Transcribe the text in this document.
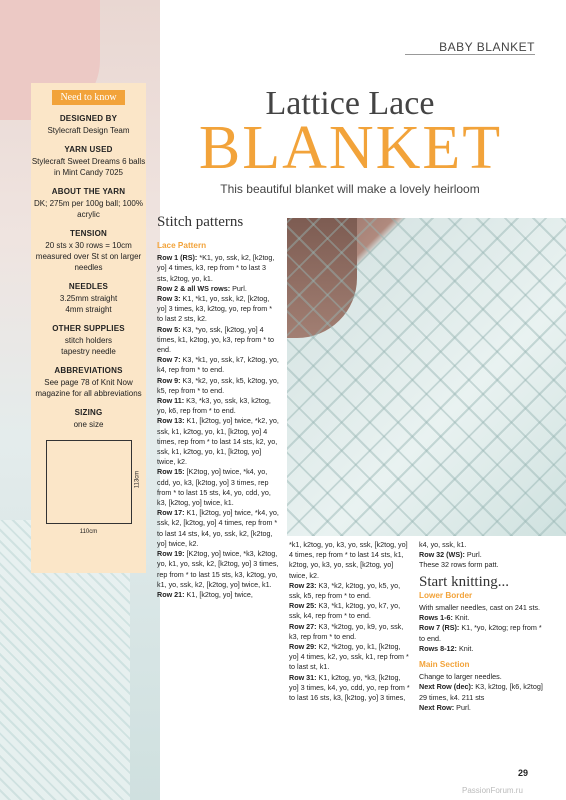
Need to know
DESIGNED BY

Stylecraft Design Team

YARN USED

Stylecraft Sweet Dreams 6 balls in Mint Candy 7025

ABOUT THE YARN

DK; 275m per 100g ball; 100% acrylic

TENSION

20 sts x 30 rows = 10cm measured over St st on larger needles

NEEDLES

3.25mm straight

4mm straight

OTHER SUPPLIES

stitch holders

tapestry needle

ABBREVIATIONS

See page 78 of Knit Now magazine for all abbreviations

SIZING

one size

110cm
113cm
BABY BLANKET
Lattice Lace
BLANKET
This beautiful blanket will make a lovely heirloom
Stitch patterns

Lace Pattern

Row 1 (RS): *K1, yo, ssk, k2, [k2tog, yo] 4 times, k3, rep from * to last 3 sts, k2tog, yo, k1.

Row 2 & all WS rows: Purl.

Row 3: K1, *k1, yo, ssk, k2, [k2tog, yo] 3 times, k3, k2tog, yo, rep from * to last 2 sts, k2.

Row 5: K3, *yo, ssk, [k2tog, yo] 4 times, k1, k2tog, yo, k3, rep from * to end.

Row 7: K3, *k1, yo, ssk, k7, k2tog, yo, k4, rep from * to end.

Row 9: K3, *k2, yo, ssk, k5, k2tog, yo, k5, rep from * to end.

Row 11: K3, *k3, yo, ssk, k3, k2tog, yo, k6, rep from * to end.

Row 13: K1, [k2tog, yo] twice, *k2, yo, ssk, k1, k2tog, yo, k1, [k2tog, yo] 4 times, rep from * to last 14 sts, k2, yo, ssk, k1, k2tog, yo, k1, [k2tog, yo] twice, k2.

Row 15: [K2tog, yo] twice, *k4, yo, cdd, yo, k3, [k2tog, yo] 3 times, rep from * to last 15 sts, k4, yo, cdd, yo, k3, [k2tog, yo] twice, k1.

Row 17: K1, [k2tog, yo] twice, *k4, yo, ssk, k2, [k2tog, yo] 4 times, rep from * to last 14 sts, k4, yo, ssk, k2, [k2tog, yo] twice, k2.

Row 19: [K2tog, yo] twice, *k3, k2tog, yo, k1, yo, ssk, k2, [k2tog, yo] 3 times, rep from * to last 15 sts, k3, k2tog, yo, k1, yo, ssk, k2, [k2tog, yo] twice, k1.

Row 21: K1, [k2tog, yo] twice,

*k1, k2tog, yo, k3, yo, ssk, [k2tog, yo] 4 times, rep from * to last 14 sts, k1, k2tog, yo, k3, yo, ssk, [k2tog, yo] twice, k2.

Row 23: K3, *k2, k2tog, yo, k5, yo, ssk, k5, rep from * to end.

Row 25: K3, *k1, k2tog, yo, k7, yo, ssk, k4, rep from * to end.

Row 27: K3, *k2tog, yo, k9, yo, ssk, k3, rep from * to end.

Row 29: K2, *k2tog, yo, k1, [k2tog, yo] 4 times, k2, yo, ssk, k1, rep from * to last st, k1.

Row 31: K1, k2tog, yo, *k3, [k2tog, yo] 3 times, k4, yo, cdd, yo, rep from * to last 16 sts, k3, [k2tog, yo] 3 times,

k4, yo, ssk, k1.

Row 32 (WS): Purl.

These 32 rows form patt.

Start knitting...

Lower Border

With smaller needles, cast on 241 sts.

Rows 1-6: Knit.

Row 7 (RS): K1, *yo, k2tog; rep from * to end.

Rows 8-12: Knit.

Main Section

Change to larger needles.

Next Row (dec): K3, k2tog, [k6, k2tog] 29 times, k4. 211 sts

Next Row: Purl.

29
PassionForum.ru
